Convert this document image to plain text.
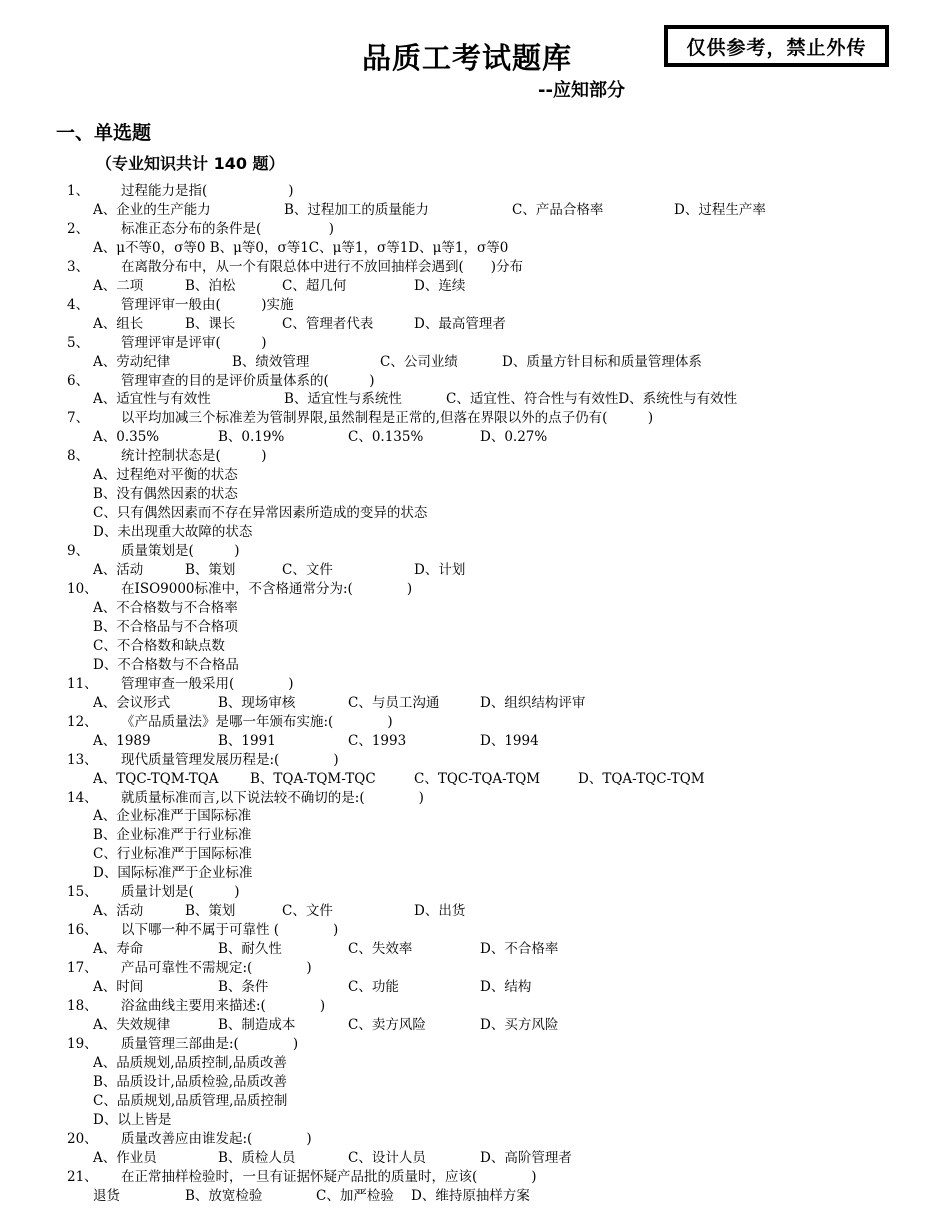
仅供参考，禁止外传
品质工考试题库
--应知部分
一、单选题
（专业知识共计 140 题）
1、 过程能力是指(　　　　　　)
A、企业的生产能力	B、过程加工的质量能力	C、产品合格率	D、过程生产率
2、 标准正态分布的条件是(　　　　　)
A、μ不等0，σ等0 B、μ等0，σ等1C、μ等1，σ等1D、μ等1，σ等0
3、 在离散分布中，从一个有限总体中进行不放回抽样会遇到(　　)分布
A、二项	B、泊松	C、超几何	D、连续
4、 管理评审一般由(　　　)实施
A、组长	B、课长	C、管理者代表	D、最高管理者
5、 管理评审是评审(　　　)
A、劳动纪律	B、绩效管理	C、公司业绩	D、质量方针目标和质量管理体系
6、 管理审查的目的是评价质量体系的(　　　)
A、适宜性与有效性	B、适宜性与系统性	C、适宜性、符合性与有效性D、系统性与有效性
7、 以平均加减三个标准差为管制界限,虽然制程是正常的,但落在界限以外的点子仍有(　　　)
A、0.35%	B、0.19%	C、0.135%	D、0.27%
8、 统计控制状态是(　　　)
A、过程绝对平衡的状态
B、没有偶然因素的状态
C、只有偶然因素而不存在异常因素所造成的变异的状态
D、未出现重大故障的状态
9、 质量策划是(　　　)
A、活动	B、策划	C、文件	D、计划
10、 在ISO9000标准中，不含格通常分为:(　　　　)
A、不合格数与不合格率
B、不合格品与不合格项
C、不合格数和缺点数
D、不合格数与不合格品
11、 管理审查一般采用(　　　　)
A、会议形式	B、现场审核	C、与员工沟通	D、组织结构评审
12、 《产品质量法》是哪一年颁布实施:(　　　　)
A、1989	B、1991	C、1993	D、1994
13、 现代质量管理发展历程是:(　　　　)
A、TQC-TQM-TQA B、TQA-TQM-TQC	C、TQC-TQA-TQM	D、TQA-TQC-TQM
14、 就质量标准而言,以下说法较不确切的是:(　　　　)
A、企业标准严于国际标准
B、企业标准严于行业标准
C、行业标准严于国际标准
D、国际标准严于企业标准
15、 质量计划是(　　　)
A、活动	B、策划	C、文件	D、出货
16、 以下哪一种不属于可靠性 (　　　　)
A、寿命	B、耐久性	C、失效率	D、不合格率
17、 产品可靠性不需规定:(　　　　)
A、时间	B、条件	C、功能	D、结构
18、 浴盆曲线主要用来描述:(　　　　)
A、失效规律	B、制造成本	C、卖方风险	D、买方风险
19、 质量管理三部曲是:(　　　　)
A、品质规划,品质控制,品质改善
B、品质设计,品质检验,品质改善
C、品质规划,品质管理,品质控制
D、以上皆是
20、 质量改善应由谁发起:(　　　　)
A、作业员	B、质检人员	C、设计人员	D、高阶管理者
21、 在正常抽样检验时，一旦有证据怀疑产品批的质量时，应该(　　　　)
退货	B、放宽检验	C、加严检验 D、维持原抽样方案
